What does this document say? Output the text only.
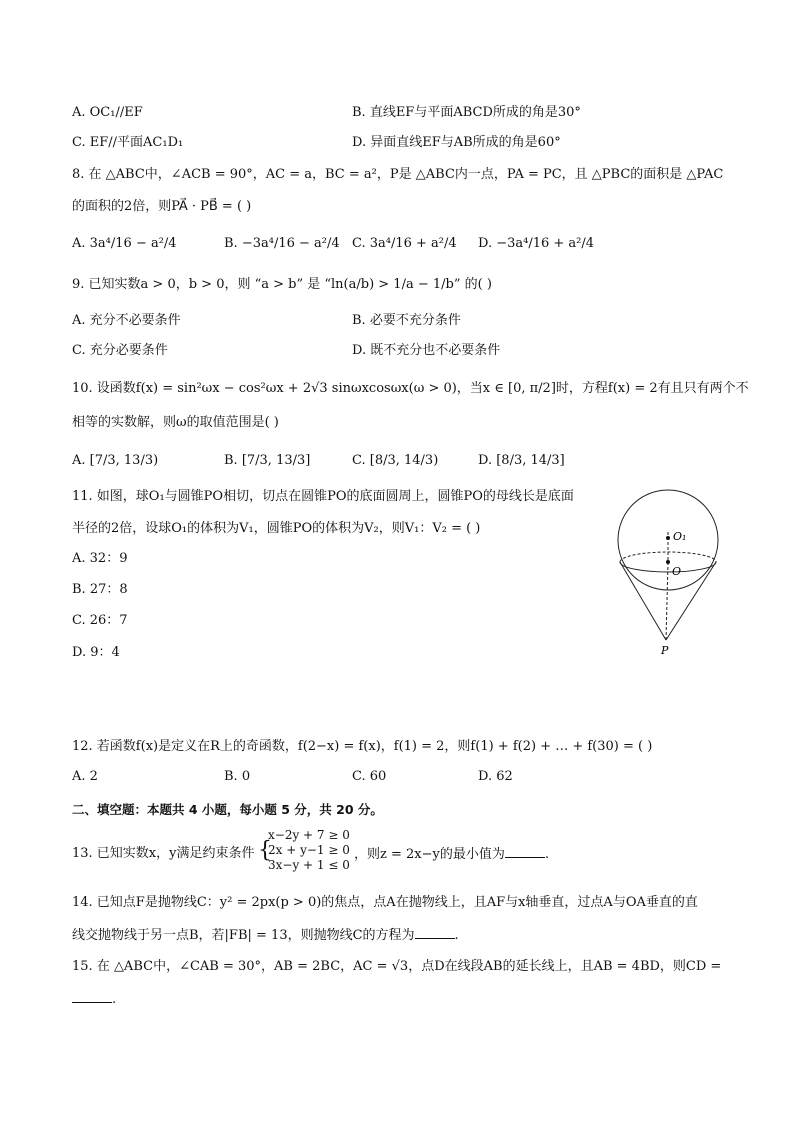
A. OC₁//EF	B. 直线EF与平面ABCD所成的角是30°
C. EF//平面AC₁D₁	D. 异面直线EF与AB所成的角是60°
8. 在 △ABC中，∠ACB = 90°，AC = a，BC = a²，P是 △ABC内一点，PA = PC，且 △PBC的面积是 △PAC
的面积的2倍，则PA⃗ · PB⃗ = ( )
A. 3a⁴/16 − a²/4	B. −3a⁴/16 − a²/4 C. 3a⁴/16 + a²/4 D. −3a⁴/16 + a²/4
9. 已知实数a > 0，b > 0，则 “a > b” 是 “ln(a/b) > 1/a − 1/b” 的( )
A. 充分不必要条件	B. 必要不充分条件
C. 充分必要条件	D. 既不充分也不必要条件
10. 设函数f(x) = sin²ωx − cos²ωx + 2√3 sinωxcosωx(ω > 0)，当x ∈ [0, π/2]时，方程f(x) = 2有且只有两个不
相等的实数解，则ω的取值范围是( )
A. [7/3, 13/3)	B. [7/3, 13/3]	C. [8/3, 14/3)	D. [8/3, 14/3]
11. 如图，球O₁与圆锥PO相切，切点在圆锥PO的底面圆周上，圆锥PO的母线长是底面
半径的2倍，设球O₁的体积为V₁，圆锥PO的体积为V₂，则V₁：V₂ = ( )
A. 32：9
B. 27：8
C. 26：7
D. 9：4
O₁
O
P
12. 若函数f(x)是定义在R上的奇函数，f(2−x) = f(x)，f(1) = 2，则f(1) + f(2) + … + f(30) = ( )
A. 2	B. 0	C. 60	D. 62
二、填空题：本题共 4 小题，每小题 5 分，共 20 分。
13. 已知实数x，y满足约束条件 {
x−2y + 7 ≥ 0
2x + y−1 ≥ 0
3x−y + 1 ≤ 0
，则z = 2x−y的最小值为	.
14. 已知点F是抛物线C：y² = 2px(p > 0)的焦点，点A在抛物线上，且AF与x轴垂直，过点A与OA垂直的直
线交抛物线于另一点B，若|FB| = 13，则抛物线C的方程为	.
15. 在 △ABC中，∠CAB = 30°，AB = 2BC，AC = √3，点D在线段AB的延长线上，且AB = 4BD，则CD =
.
